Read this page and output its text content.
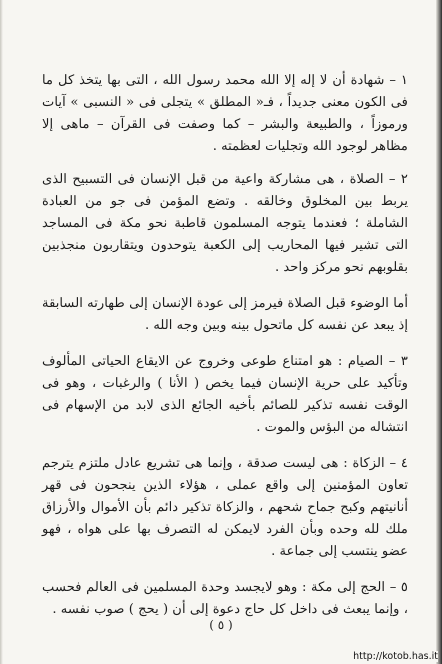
١ – شهادة أن لا إله إلا الله محمد رسول الله ، التى بها يتخذ كل ما فى الكون معنى جديداً ، فـ« المطلق » يتجلى فى « النسبى » آيات ورموزاً ، والطبيعة والبشر – كما وصفت فى القرآن – ماهى إلا مظاهر لوجود الله وتجليات لعظمته .

٢ – الصلاة ، هى مشاركة واعية من قبل الإنسان فى التسبيح الذى يربط بين المخلوق وخالقه . وتضع المؤمن فى جو من العبادة الشاملة ؛ فعندما يتوجه المسلمون قاطبة نحو مكة فى المساجد التى تشير فيها المحاريب إلى الكعبة يتوحدون ويتقاربون منجذبين بقلوبهم نحو مركز واحد .

أما الوضوء قبل الصلاة فيرمز إلى عودة الإنسان إلى طهارته السابقة إذ يبعد عن نفسه كل ماتحول بينه وبين وجه الله .

٣ – الصيام : هو امتناع طوعى وخروج عن الايقاع الحياتى المألوف وتأكيد على حرية الإنسان فيما يخص ( الأنا ) والرغبات ، وهو فى الوقت نفسه تذكير للصائم بأخيه الجائع الذى لابد من الإسهام فى انتشاله من البؤس والموت .

٤ – الزكاة : هى ليست صدقة ، وإنما هى تشريع عادل ملتزم يترجم تعاون المؤمنين إلى واقع عملى ، هؤلاء الذين ينجحون فى قهر أنانيتهم وكبح جماح شحهم ، والزكاة تذكير دائم بأن الأموال والأرزاق ملك لله وحده وبأن الفرد لايمكن له التصرف بها على هواه ، فهو عضو ينتسب إلى جماعة .

٥ – الحج إلى مكة : وهو لايجسد وحدة المسلمين فى العالم فحسب ، وإنما يبعث فى داخل كل حاج دعوة إلى أن ( يحج ) صوب نفسه .

( ٥ )
http://kotob.has.it
